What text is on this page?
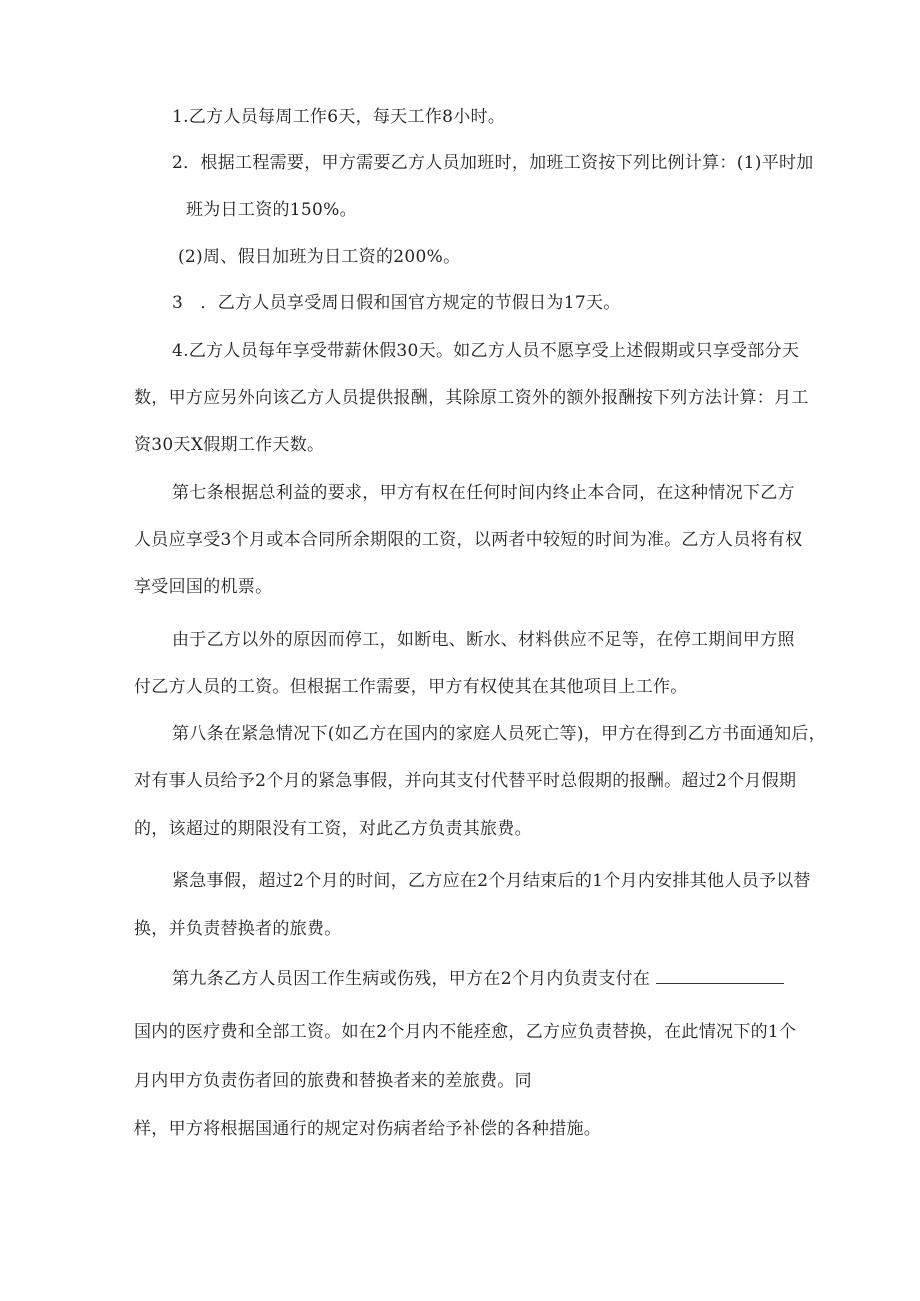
1.乙方人员每周工作6天，每天工作8小时。

2．根据工程需要，甲方需要乙方人员加班时，加班工资按下列比例计算：(1)平时加

班为日工资的150%。

(2)周、假日加班为日工资的200%。

3　．乙方人员享受周日假和国官方规定的节假日为17天。

4.乙方人员每年享受带薪休假30天。如乙方人员不愿享受上述假期或只享受部分天

数，甲方应另外向该乙方人员提供报酬，其除原工资外的额外报酬按下列方法计算：月工

资30天X假期工作天数。

第七条根据总利益的要求，甲方有权在任何时间内终止本合同，在这种情况下乙方

人员应享受3个月或本合同所余期限的工资，以两者中较短的时间为准。乙方人员将有权

享受回国的机票。

由于乙方以外的原因而停工，如断电、断水、材料供应不足等，在停工期间甲方照

付乙方人员的工资。但根据工作需要，甲方有权使其在其他项目上工作。

第八条在紧急情况下(如乙方在国内的家庭人员死亡等)，甲方在得到乙方书面通知后，

对有事人员给予2个月的紧急事假，并向其支付代替平时总假期的报酬。超过2个月假期

的，该超过的期限没有工资，对此乙方负责其旅费。

紧急事假，超过2个月的时间，乙方应在2个月结束后的1个月内安排其他人员予以替

换，并负责替换者的旅费。

第九条乙方人员因工作生病或伤残，甲方在2个月内负责支付在

国内的医疗费和全部工资。如在2个月内不能痊愈，乙方应负责替换，在此情况下的1个

月内甲方负责伤者回的旅费和替换者来的差旅费。同

样，甲方将根据国通行的规定对伤病者给予补偿的各种措施。
